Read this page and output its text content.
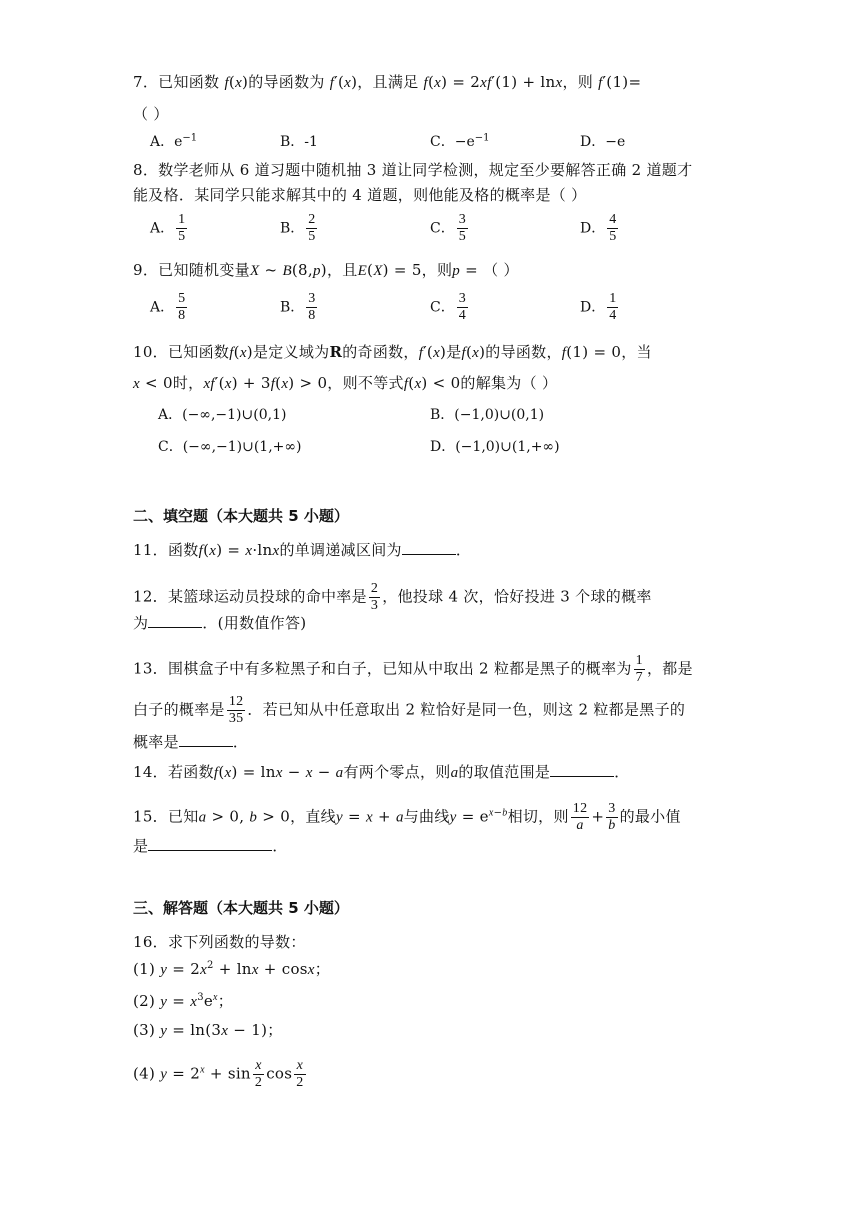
7．已知函数 f(x)的导函数为 f′(x)，且满足 f(x) = 2xf′(1) + lnx，则 f′(1)=
（ ）
A．$e^{-1}$	B．-1	C．$-e^{-1}$	D．−e
8．数学老师从 6 道习题中随机抽 3 道让同学检测，规定至少要解答正确 2 道题才
能及格．某同学只能求解其中的 4 道题，则他能及格的概率是（ ）
A． $\frac{1}{5}$	B． $\frac{2}{5}$	C． $\frac{3}{5}$	D． $\frac{4}{5}$
9．已知随机变量X ~ B(8,p)，且E(X) = 5，则p = （ ）
A． $\frac{5}{8}$	B． $\frac{3}{8}$	C． $\frac{3}{4}$	D． $\frac{1}{4}$
10．已知函数f(x)是定义域为R的奇函数，f′(x)是f(x)的导函数，f(1) = 0，当
x < 0时，xf′(x) + 3f(x) > 0，则不等式f(x) < 0的解集为（ ）
A．(−∞,−1)∪(0,1)	B．(−1,0)∪(0,1)
C．(−∞,−1)∪(1,+∞)	D．(−1,0)∪(1,+∞)
二、填空题（本大题共 5 小题）
11．函数f(x) = x·lnx的单调递减区间为	．
12．某篮球运动员投球的命中率是 $\frac{2}{3}$ ，他投球 4 次，恰好投进 3 个球的概率
为	．(用数值作答)
13．围棋盒子中有多粒黑子和白子，已知从中取出 2 粒都是黑子的概率为 $\frac{1}{7}$ ，都是
白子的概率是 $\frac{12}{35}$ ．若已知从中任意取出 2 粒恰好是同一色，则这 2 粒都是黑子的
概率是	．
14．若函数f(x) = lnx − x − a有两个零点，则a的取值范围是	．
15．已知a > 0, b > 0，直线y = x + a与曲线$y = e^{x-b}$相切，则 $\frac{12}{a} + \frac{3}{b}$ 的最小值
是	．
三、解答题（本大题共 5 小题）
16．求下列函数的导数：
(1) $y = 2x^2 + \ln x + \cos x$；
(2) $y = x^3e^x$；
(3) y = ln(3x − 1)；
(4) $y = 2^x + \sin \frac{x}{2}$ $\cos \frac{x}{2}$
